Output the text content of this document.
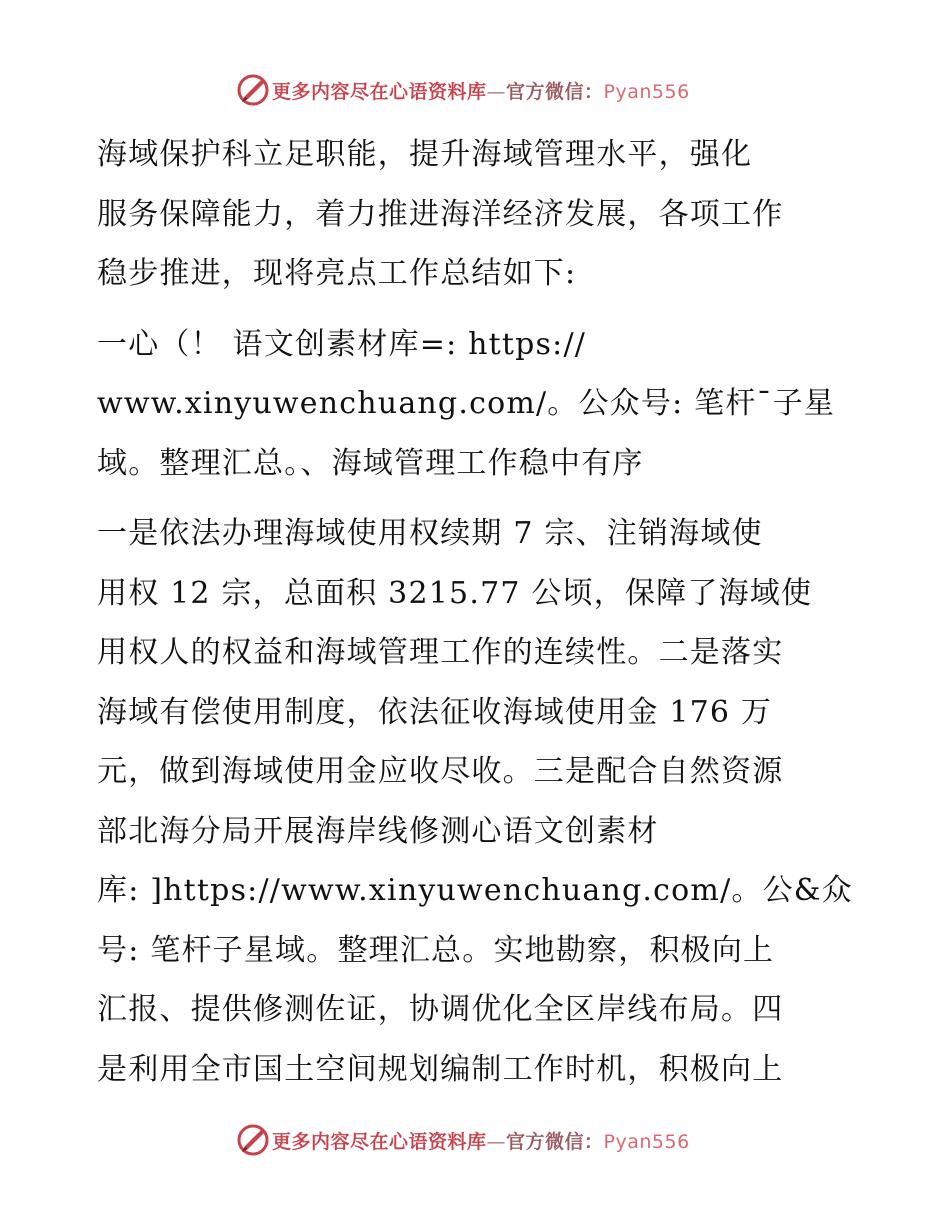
更多内容尽在心语资料库—官方微信：Pyan556
海域保护科立足职能，提升海域管理水平，强化
服务保障能力，着力推进海洋经济发展，各项工作
稳步推进，现将亮点工作总结如下:
一心（！ 语文创素材库=: https://
www.xinyuwenchuang.com/。公众号: 笔杆¯子星
域。整理汇总。、海域管理工作稳中有序
一是依法办理海域使用权续期 7 宗、注销海域使
用权 12 宗，总面积 3215.77 公顷，保障了海域使
用权人的权益和海域管理工作的连续性。二是落实
海域有偿使用制度，依法征收海域使用金 176 万
元，做到海域使用金应收尽收。三是配合自然资源
部北海分局开展海岸线修测心语文创素材
库: ]https://www.xinyuwenchuang.com/。公&众
号: 笔杆子星域。整理汇总。实地勘察，积极向上
汇报、提供修测佐证，协调优化全区岸线布局。四
是利用全市国土空间规划编制工作时机，积极向上
更多内容尽在心语资料库—官方微信：Pyan556
